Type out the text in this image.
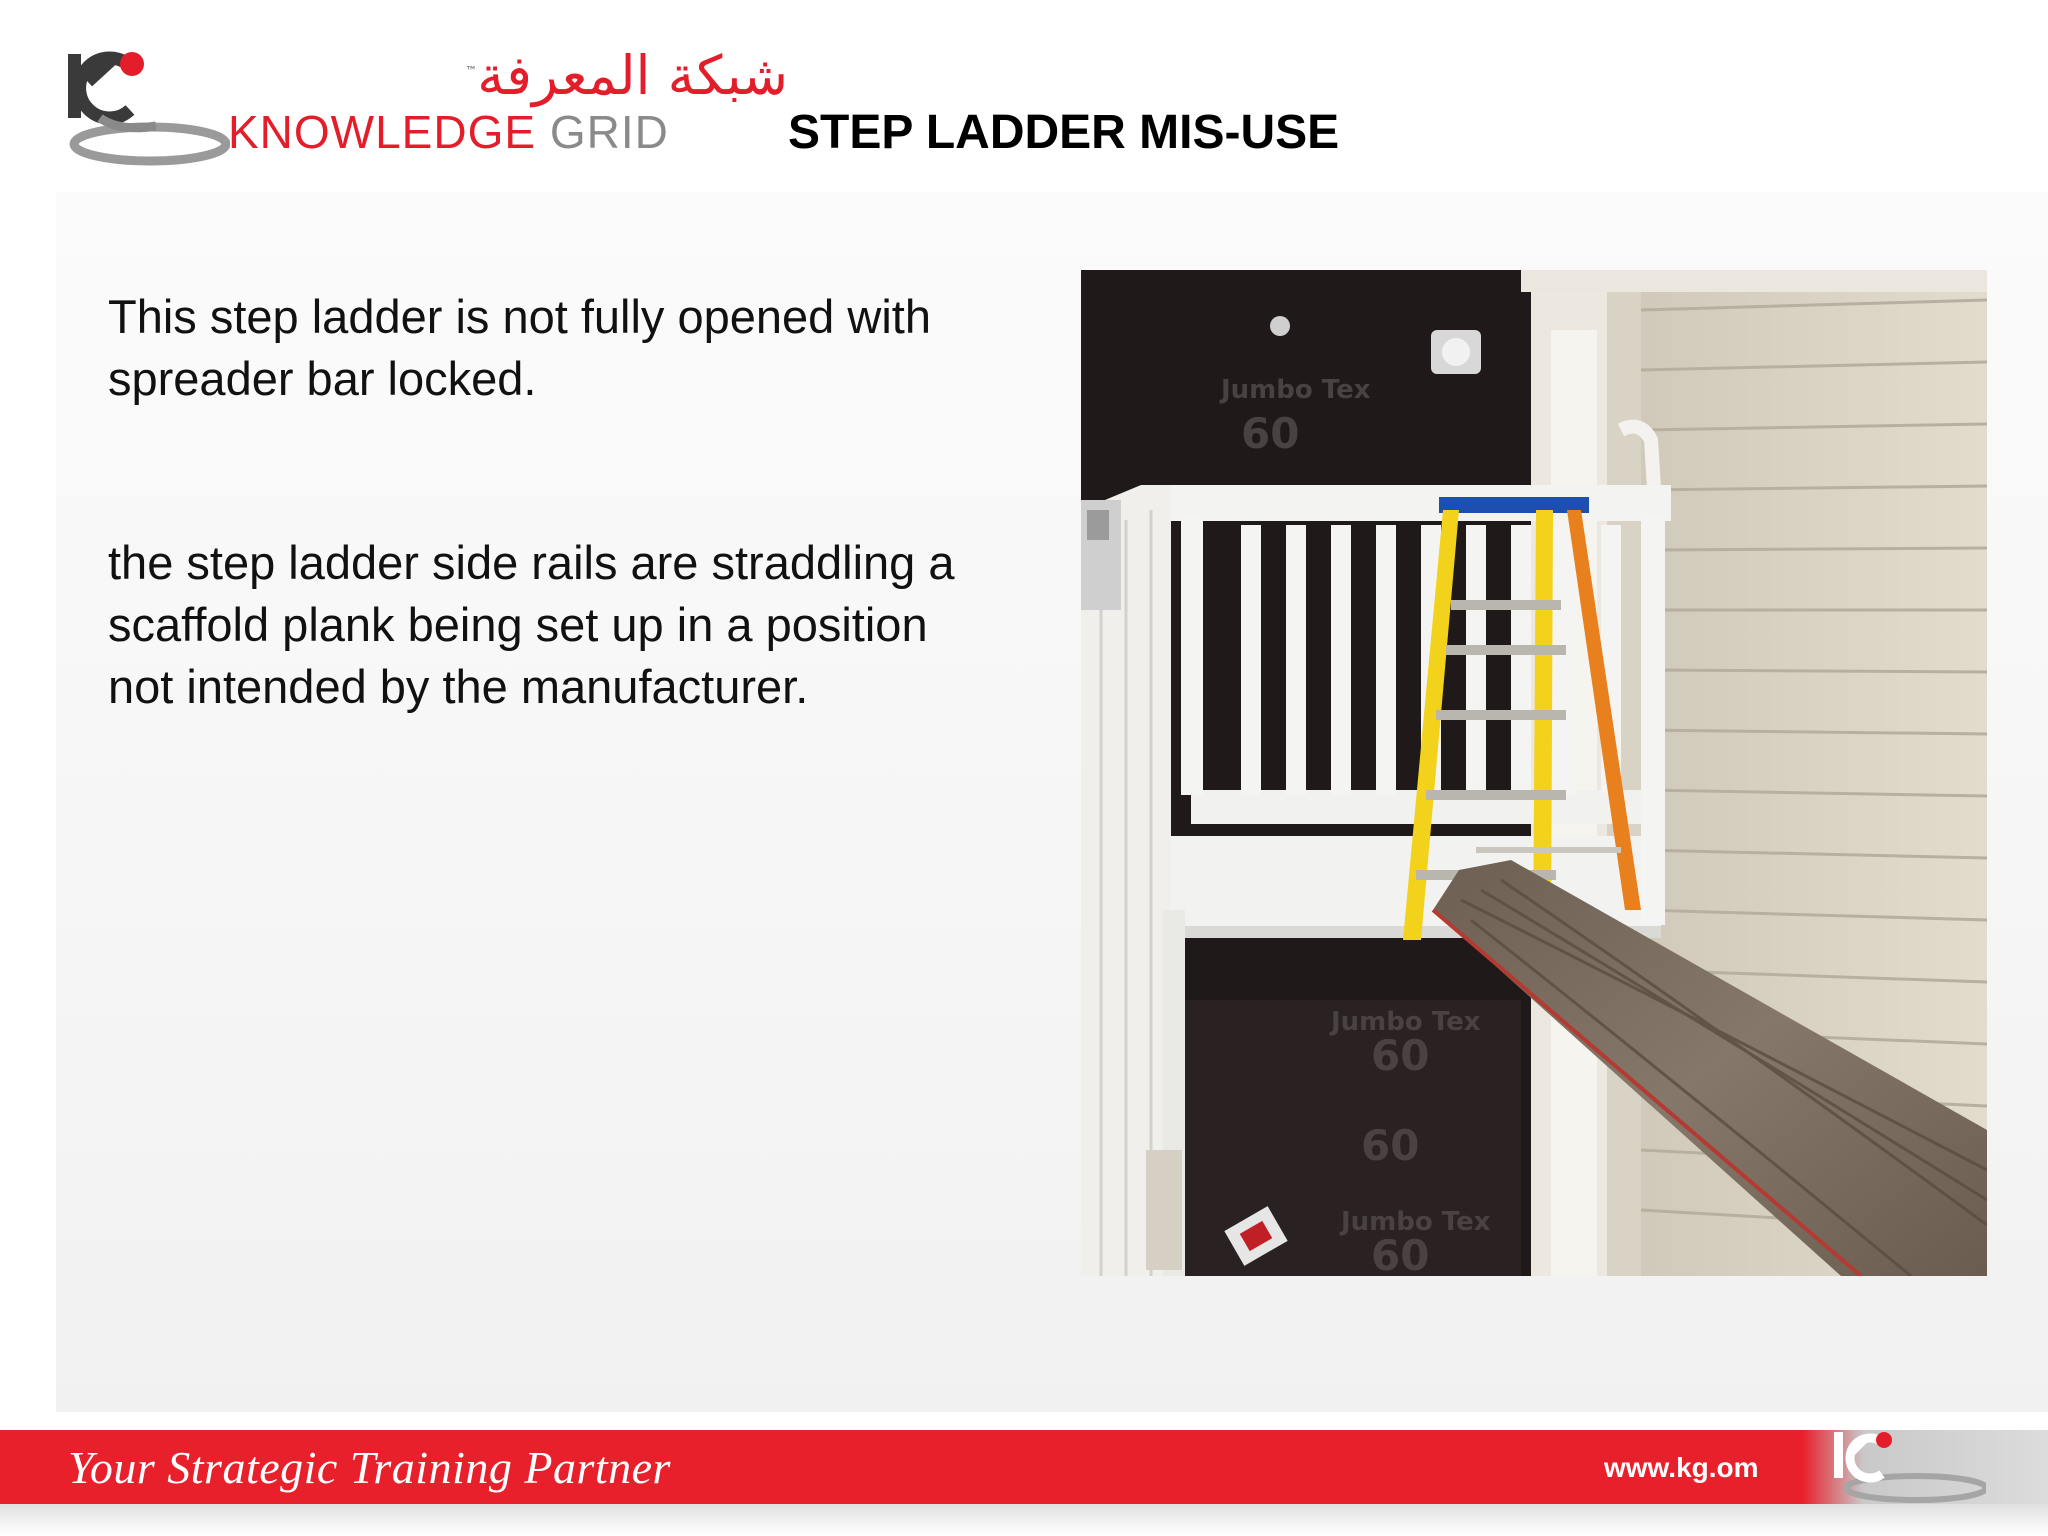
شبكة المعرفة™
KNOWLEDGE GRID STEP LADDER MIS-USE

This step ladder is not fully opened with spreader bar locked.

the step ladder side rails are straddling a scaffold plank being set up in a position not intended by the manufacturer.

Jumbo Tex
60
Jumbo Tex
60
60
Jumbo Tex
60
Your Strategic Training Partner	www.kg.om
